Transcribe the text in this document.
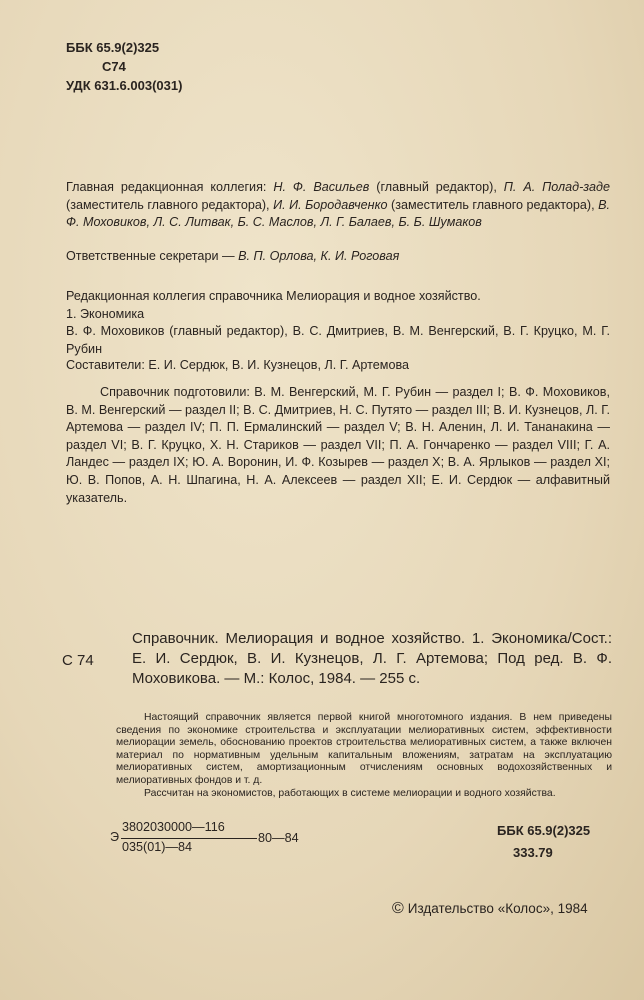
ББК 65.9(2)325
С74
УДК 631.6.003(031)

Главная редакционная коллегия: Н. Ф. Васильев (главный редактор), П. А. Полад-заде (заместитель главного редактора), И. И. Бородавченко (заместитель главного редактора), В. Ф. Моховиков, Л. С. Литвак, Б. С. Маслов, Л. Г. Балаев, Б. Б. Шумаков

Ответственные секретари — В. П. Орлова, К. И. Роговая

Редакционная коллегия справочника Мелиорация и водное хозяйство.

1. Экономика

В. Ф. Моховиков (главный редактор), В. С. Дмитриев, В. М. Венгерский, В. Г. Круцко, М. Г. Рубин

Составители: Е. И. Сердюк, В. И. Кузнецов, Л. Г. Артемова

Справочник подготовили: В. М. Венгерский, М. Г. Рубин — раздел I; В. Ф. Моховиков, В. М. Венгерский — раздел II; В. С. Дмитриев, Н. С. Путято — раздел III; В. И. Кузнецов, Л. Г. Артемова — раздел IV; П. П. Ермалинский — раздел V; В. Н. Аленин, Л. И. Тананакина — раздел VI; В. Г. Круцко, Х. Н. Стариков — раздел VII; П. А. Гончаренко — раздел VIII; Г. А. Ландес — раздел IX; Ю. А. Воронин, И. Ф. Козырев — раздел X; В. А. Ярлыков — раздел XI; Ю. В. Попов, А. Н. Шпагина, Н. А. Алексеев — раздел XII; Е. И. Сердюк — алфавитный указатель.

С 74
Справочник. Мелиорация и водное хозяйство. 1. Экономика/Сост.: Е. И. Сердюк, В. И. Кузнецов, Л. Г. Артемова; Под ред. В. Ф. Моховикова. — М.: Колос, 1984. — 255 с.

Настоящий справочник является первой книгой многотомного издания. В нем приведены сведения по экономике строительства и эксплуатации мелиоративных систем, эффективности мелиорации земель, обоснованию проектов строительства мелиоративных систем, а также включен материал по нормативным удельным капитальным вложениям, затратам на эксплуатацию мелиоративных систем, амортизационным отчислениям основных водохозяйственных и мелиоративных фондов и т. д.

Рассчитан на экономистов, работающих в системе мелиорации и водного хозяйства.

Э
3802030000—116
035(01)—84
80—84	ББК 65.9(2)325
333.79
© Издательство «Колос», 1984
